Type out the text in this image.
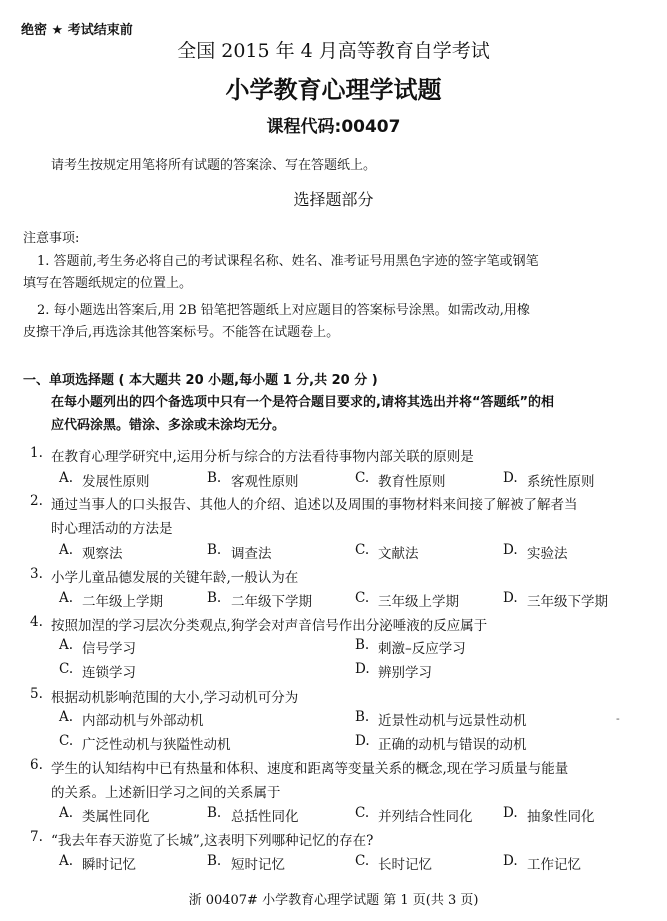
绝密 ★ 考试结束前
全国 2015 年 4 月高等教育自学考试
小学教育心理学试题
课程代码:00407
请考生按规定用笔将所有试题的答案涂、写在答题纸上。
选择题部分
注意事项:
1. 答题前,考生务必将自己的考试课程名称、姓名、准考证号用黑色字迹的签字笔或钢笔
填写在答题纸规定的位置上。
2. 每小题选出答案后,用 2B 铅笔把答题纸上对应题目的答案标号涂黑。如需改动,用橡
皮擦干净后,再选涂其他答案标号。不能答在试题卷上。
一、单项选择题 ( 本大题共 20 小题,每小题 1 分,共 20 分 )
在每小题列出的四个备选项中只有一个是符合题目要求的,请将其选出并将“答题纸”的相
应代码涂黑。错涂、多涂或未涂均无分。
1. 在教育心理学研究中,运用分析与综合的方法看待事物内部关联的原则是
A. 发展性原则	B. 客观性原则	C. 教育性原则	D. 系统性原则
2. 通过当事人的口头报告、其他人的介绍、追述以及周围的事物材料来间接了解被了解者当
时心理活动的方法是
A. 观察法	B. 调查法	C. 文献法	D. 实验法
3. 小学儿童品德发展的关键年龄,一般认为在
A. 二年级上学期	B. 二年级下学期	C. 三年级上学期	D. 三年级下学期
4. 按照加涅的学习层次分类观点,狗学会对声音信号作出分泌唾液的反应属于
A. 信号学习	B. 刺激–反应学习
C. 连锁学习	D. 辨别学习
5. 根据动机影响范围的大小,学习动机可分为
A. 内部动机与外部动机	B. 近景性动机与远景性动机
C. 广泛性动机与狭隘性动机	D. 正确的动机与错误的动机
-
6. 学生的认知结构中已有热量和体积、速度和距离等变量关系的概念,现在学习质量与能量
的关系。上述新旧学习之间的关系属于
A. 类属性同化	B. 总括性同化	C. 并列结合性同化 D. 抽象性同化
7. “我去年春天游览了长城”,这表明下列哪种记忆的存在?
A. 瞬时记忆	B. 短时记忆	C. 长时记忆	D. 工作记忆
浙 00407# 小学教育心理学试题 第 1 页(共 3 页)
